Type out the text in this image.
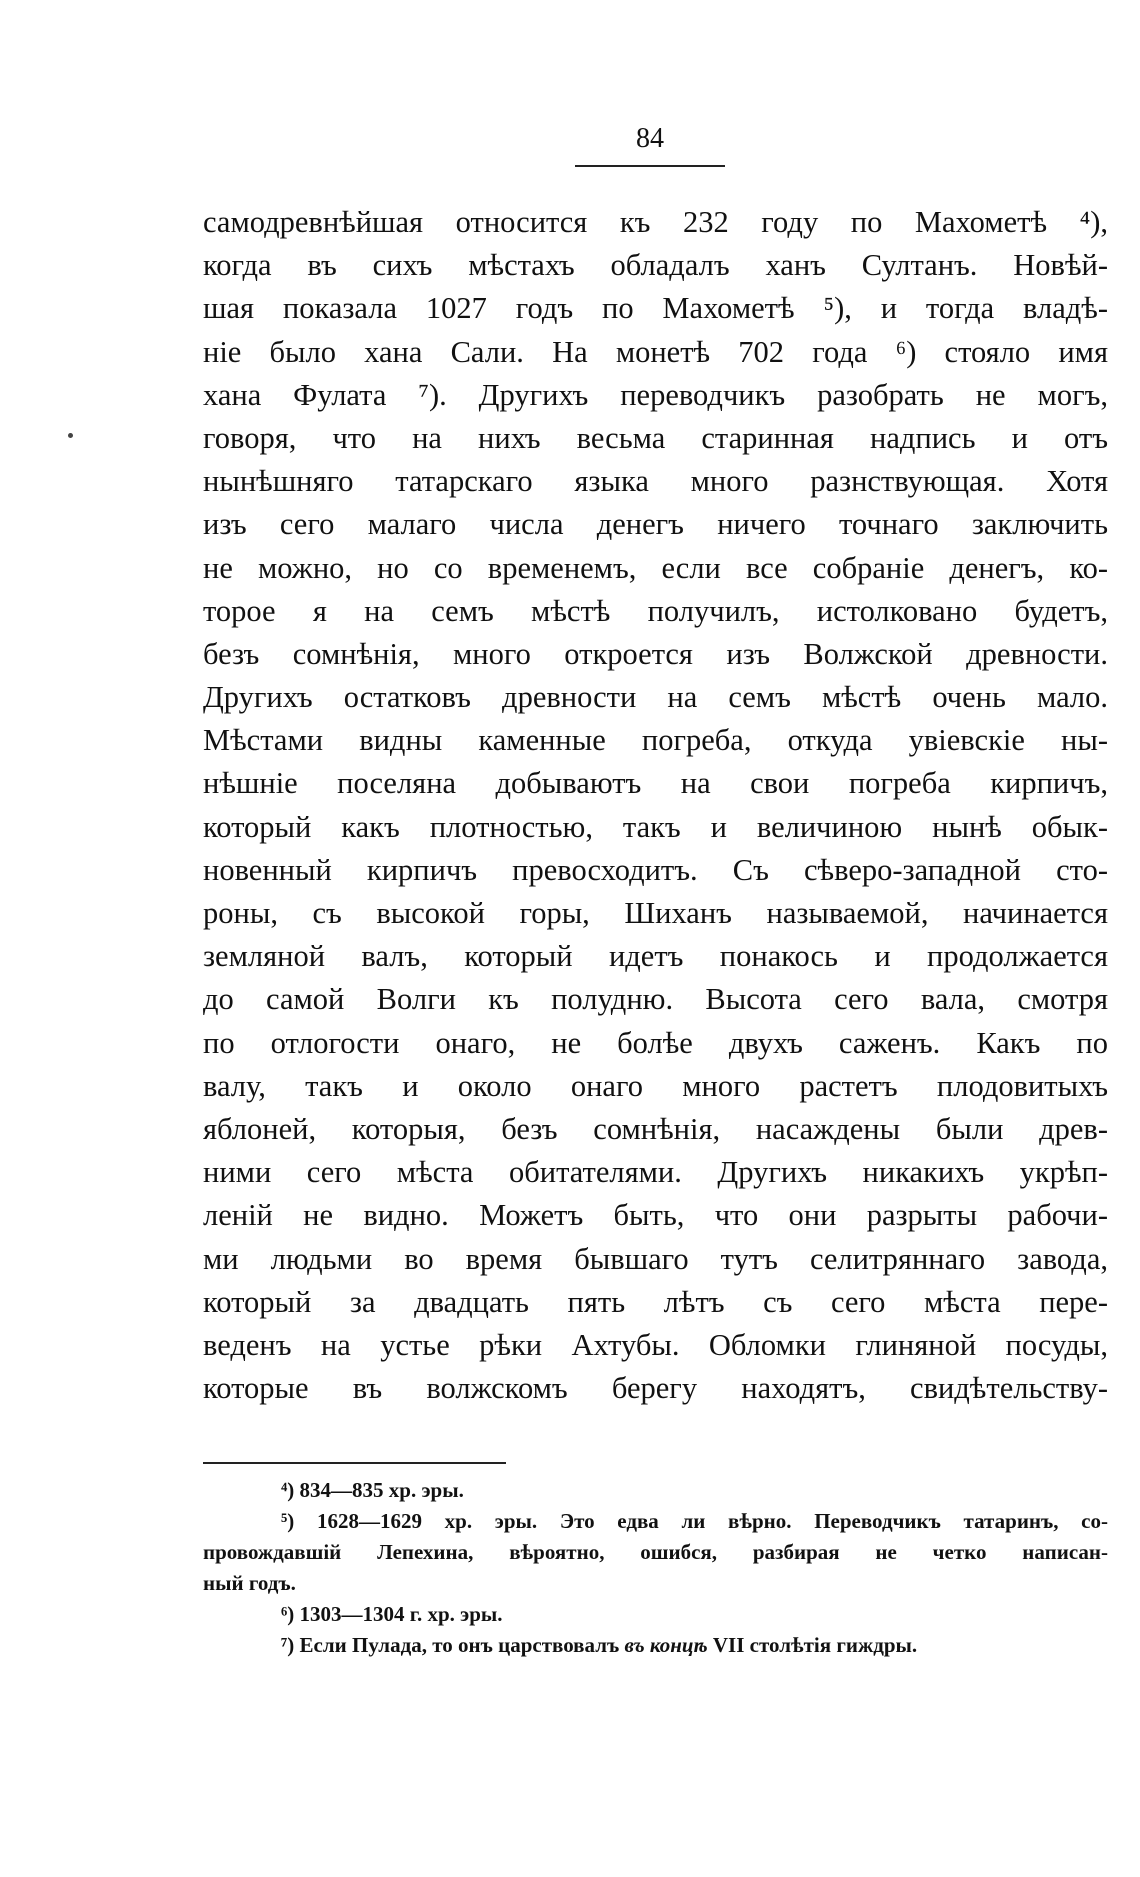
84
самодревнѣйшая относится къ 232 году по Махометѣ ⁴),
когда въ сихъ мѣстахъ обладалъ ханъ Султанъ. Новѣй-
шая показала 1027 годъ по Махометѣ ⁵), и тогда владѣ-
ніе было хана Сали. На монетѣ 702 года ⁶) стояло имя
хана Фулата ⁷). Другихъ переводчикъ разобрать не могъ,
говоря, что на нихъ весьма старинная надпись и отъ
нынѣшняго татарскаго языка много разнствующая. Хотя
изъ сего малаго числа денегъ ничего точнаго заключить
не можно, но со временемъ, если все собраніе денегъ, ко-
торое я на семъ мѣстѣ получилъ, истолковано будетъ,
безъ сомнѣнія, много откроется изъ Волжской древности.
Другихъ остатковъ древности на семъ мѣстѣ очень мало.
Мѣстами видны каменные погреба, откуда увіевскіе ны-
нѣшніе поселяна добываютъ на свои погреба кирпичъ,
который какъ плотностью, такъ и величиною нынѣ обык-
новенный кирпичъ превосходитъ. Съ сѣверо-западной сто-
роны, съ высокой горы, Шиханъ называемой, начинается
земляной валъ, который идетъ понакось и продолжается
до самой Волги къ полудню. Высота сего вала, смотря
по отлогости онаго, не болѣе двухъ саженъ. Какъ по
валу, такъ и около онаго много растетъ плодовитыхъ
яблоней, которыя, безъ сомнѣнія, насаждены были древ-
ними сего мѣста обитателями. Другихъ никакихъ укрѣп-
леній не видно. Можетъ быть, что они разрыты рабочи-
ми людьми во время бывшаго тутъ селитряннаго завода,
который за двадцать пять лѣтъ съ сего мѣста пере-
веденъ на устье рѣки Ахтубы. Обломки глиняной посуды,
которые въ волжскомъ берегу находятъ, свидѣтельству-
⁴) 834—835 хр. эры.
⁵) 1628—1629 хр. эры. Это едва ли вѣрно. Переводчикъ татаринъ, со-
провождавшій Лепехина, вѣроятно, ошибся, разбирая не четко написан-
ный годъ.
⁶) 1303—1304 г. хр. эры.
⁷) Если Пулада, то онъ царствовалъ въ концѣ VII столѣтія гиждры.
